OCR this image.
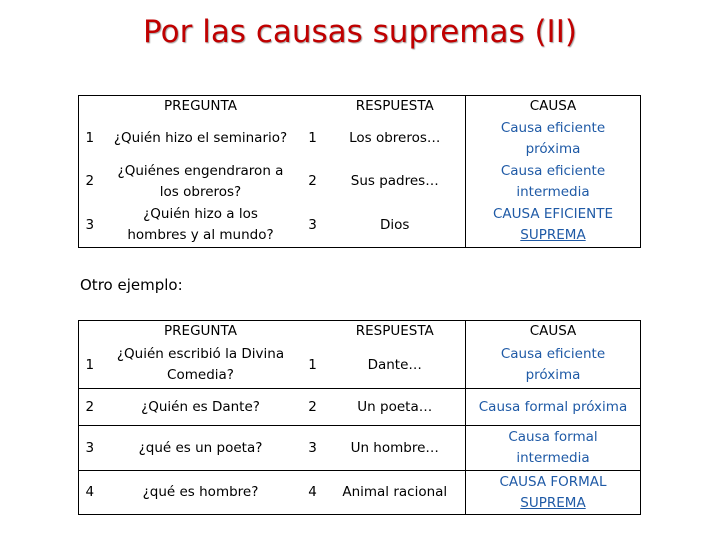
Por las causas supremas (II)
	PREGUNTA		RESPUESTA	CAUSA
1	¿Quién hizo el seminario?	1	Los obreros…	Causa eficiente
próxima

2	¿Quiénes engendraron a
los obreros?	2	Sus padres…	Causa eficiente
intermedia

3	¿Quién hizo a los
hombres y al mundo?	3	Dios	CAUSA EFICIENTE
SUPREMA
Otro ejemplo:
	PREGUNTA		RESPUESTA	CAUSA
1	¿Quién escribió la Divina
Comedia?	1	Dante…	Causa eficiente
próxima

2	¿Quién es Dante?	2	Un poeta…	Causa formal próxima

3	¿qué es un poeta?	3	Un hombre…	Causa formal
intermedia

4	¿qué es hombre?	4	Animal racional	CAUSA FORMAL
SUPREMA
